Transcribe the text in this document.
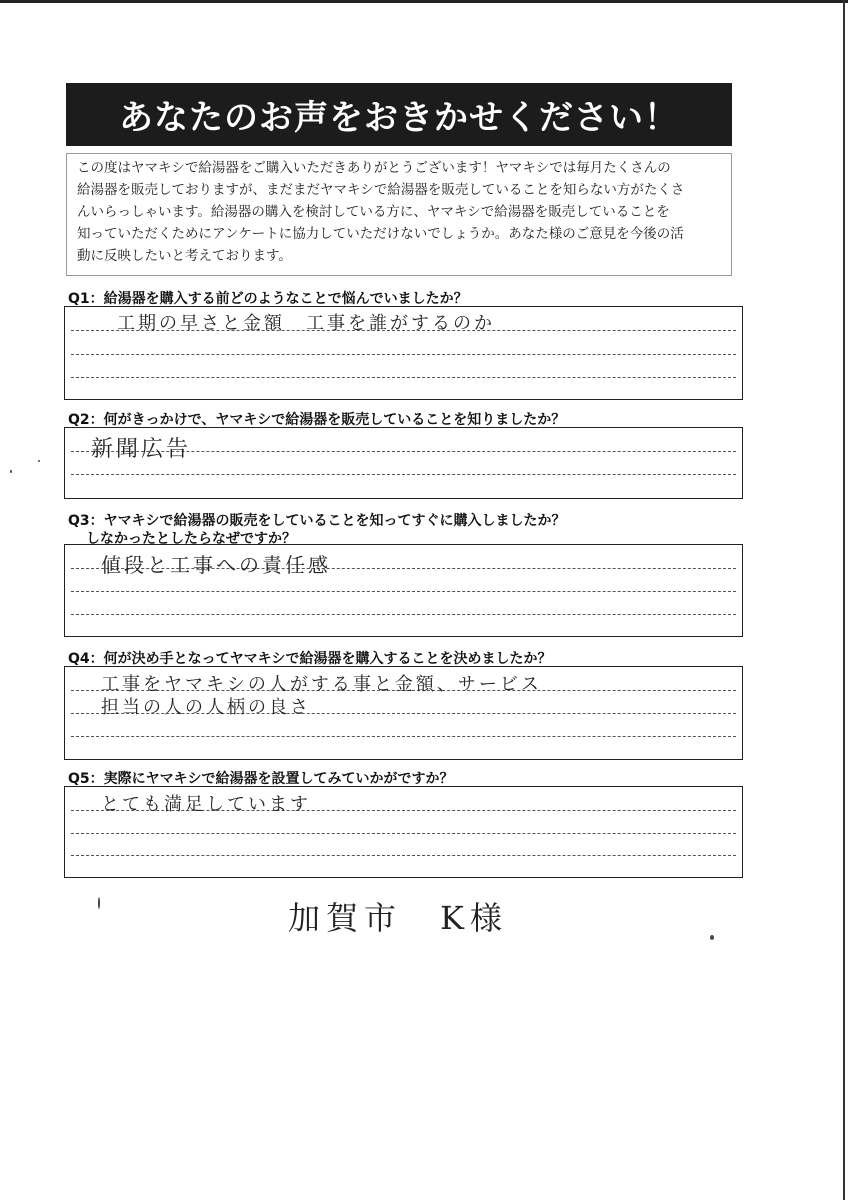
あなたのお声をおきかせください！
この度はヤマキシで給湯器をご購入いただきありがとうございます！ヤマキシでは毎月たくさんの
給湯器を販売しておりますが、まだまだヤマキシで給湯器を販売していることを知らない方がたくさ
んいらっしゃいます。給湯器の購入を検討している方に、ヤマキシで給湯器を販売していることを
知っていただくためにアンケートに協力していただけないでしょうか。あなた様のご意見を今後の活
動に反映したいと考えております。
Q1：給湯器を購入する前どのようなことで悩んでいましたか？
工期の早さと金額　工事を誰がするのか
Q2：何がきっかけで、ヤマキシで給湯器を販売していることを知りましたか？
新聞広告
Q3：ヤマキシで給湯器の販売をしていることを知ってすぐに購入しましたか？
しなかったとしたらなぜですか？
値段と工事への責任感
Q4：何が決め手となってヤマキシで給湯器を購入することを決めましたか？
工事をヤマキシの人がする事と金額、サービス
担当の人の人柄の良さ
Q5：実際にヤマキシで給湯器を設置してみていかがですか？
とても満足しています
加賀市　K様
